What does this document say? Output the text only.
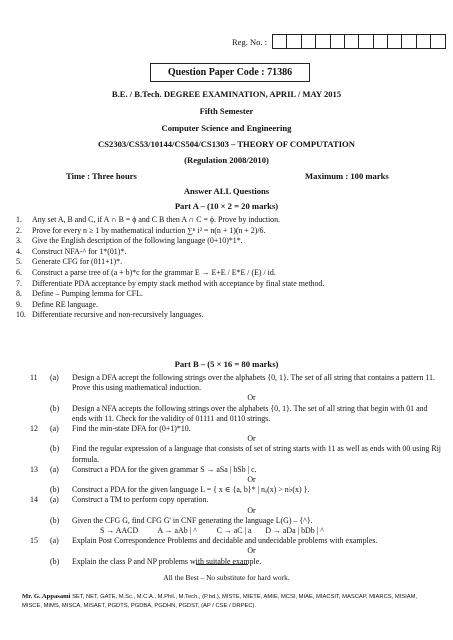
Reg. No. :
Question Paper Code : 71386
B.E. / B.Tech. DEGREE EXAMINATION, APRIL / MAY 2015
Fifth Semester
Computer Science and Engineering
CS2303/CS53/10144/CS504/CS1303 – THEORY OF COMPUTATION
(Regulation 2008/2010)
Time : Three hours	Maximum : 100 marks
Answer ALL Questions
Part A – (10 × 2 = 20 marks)
1.	Any set A, B and C, if A ∩ B = ϕ and C B then A ∩ C = ϕ. Prove by induction.
2.	Prove for every n ≥ 1 by mathematical induction ∑ⁿ i² = n(n + 1)(n + 2)/6.
3.	Give the English description of the following language (0+10)*1*.
4.	Construct NFA-^ for 1*(01)*.
5.	Generate CFG for (011+1)*.
6.	Construct a parse tree of (a + b)*c for the grammar E → E+E / E*E / (E) / id.
7.	Differentiate PDA acceptance by empty stack method with acceptance by final state method.
8.	Define – Pumping lemma for CFL.
9.	Define RE language.
10. Differentiate recursive and non-recursively languages.
Part B – (5 × 16 = 80 marks)
11	(a)	Design a DFA accept the following strings over the alphabets {0, 1}. The set of all string that contains a pattern 11. Prove this using mathematical induction.
Or
(b)	Design a NFA accepts the following strings over the alphabets {0, 1}. The set of all string that begin with 01 and ends with 11. Check for the validity of 01111 and 0110 strings.
12	(a)	Find the min-state DFA for (0+1)*10.
Or
(b)	Find the regular expression of a language that consists of set of string starts with 11 as well as ends with 00 using Rij formula.
13	(a)	Construct a PDA for the given grammar S → aSa | bSb | c.
Or
(b)	Construct a PDA for the given language L = { x ∈ {a, b}* | nₐ(x) > n♭(x) }.
14	(a)	Construct a TM to perform copy operation.
Or
(b)	Given the CFG G, find CFG G' in CNF generating the language L(G) – {^}.
S → AACD          A → aAb | ^          C → aC | a       D → aDa | bDb | ^
15	(a)	Explain Post Correspondence Problems and decidable and undecidable problems with examples.
Or
(b)	Explain the class P and NP problems with suitable example.
All the Best – No substitute for hard work.
Mr. G. Appasami SET, NET, GATE, M.Sc., M.C.A., M.Phil., M.Tech., (P.hd.), MISTE, MIETE, AMIE, MCSI, MIAE, MIACSIT, MASCAP, MIARCS, MISIAM, MISCE, MIMS, MISCA, MISAET, PGDTS, PGDBA, PGDHN, PGDST, (AP / CSE / DRPEC).
